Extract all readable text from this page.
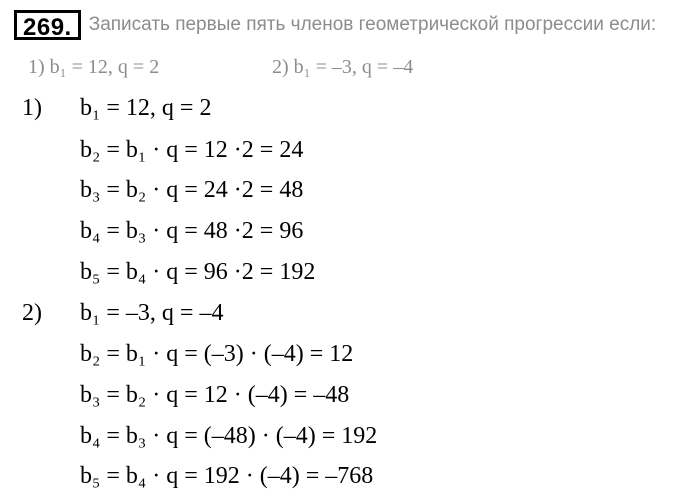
269. Записать первые пять членов геометрической прогрессии если:
1) b₁ = 12, q = 2	2) b₁ = –3, q = –4
1) b₁ = 12, q = 2
b₂ = b₁ · q = 12 ·2 = 24
b₃ = b₂ · q = 24 ·2 = 48
b₄ = b₃ · q = 48 ·2 = 96
b₅ = b₄ · q = 96 ·2 = 192
2) b₁ = –3, q = –4
b₂ = b₁ · q = (–3) · (–4) = 12
b₃ = b₂ · q = 12 · (–4) = –48
b₄ = b₃ · q = (–48) · (–4) = 192
b₅ = b₄ · q = 192 · (–4) = –768
